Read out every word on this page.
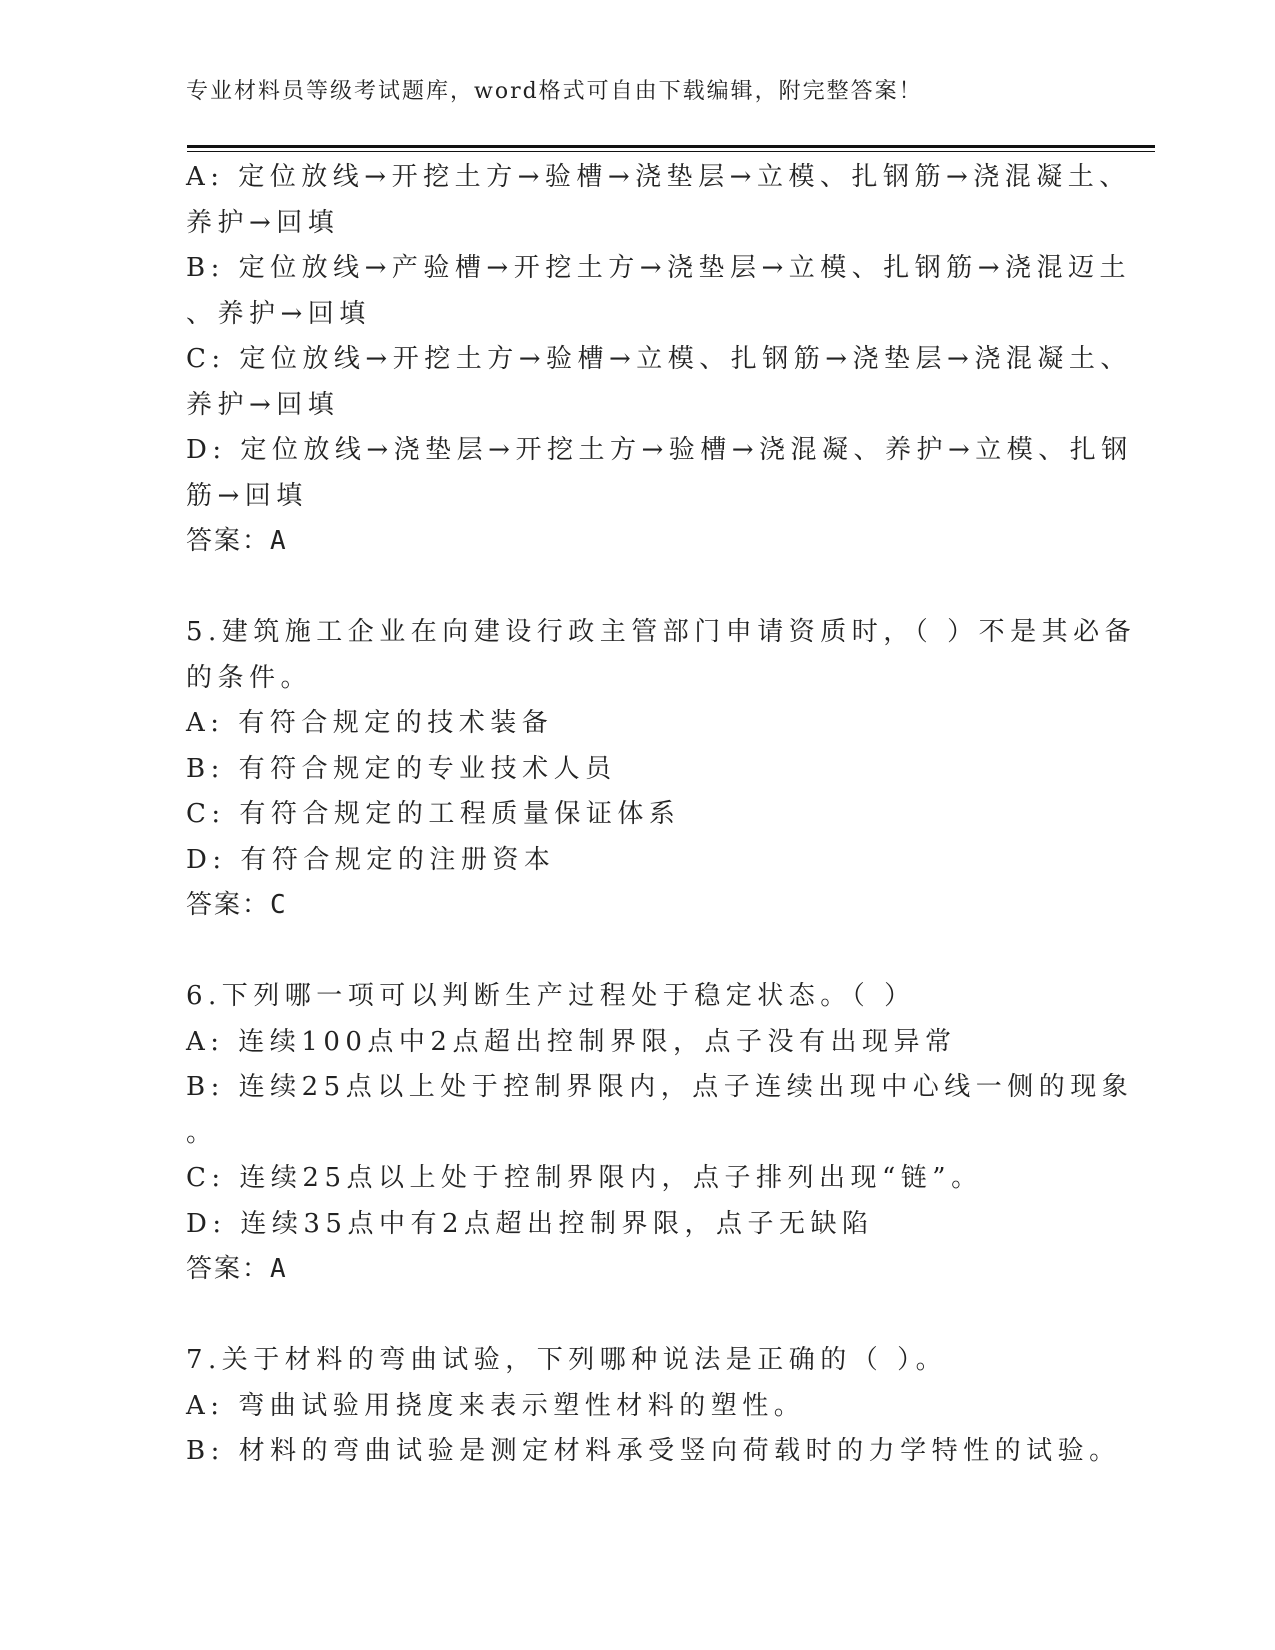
专业材料员等级考试题库，word格式可自由下载编辑，附完整答案！
A: 定位放线→开挖土方→验槽→浇垫层→立模、扎钢筋→浇混凝土、
养护→回填
B: 定位放线→产验槽→开挖土方→浇垫层→立模、扎钢筋→浇混迈土
、养护→回填
C: 定位放线→开挖土方→验槽→立模、扎钢筋→浇垫层→浇混凝土、
养护→回填
D: 定位放线→浇垫层→开挖土方→验槽→浇混凝、养护→立模、扎钢
筋→回填
答案：A
5.建筑施工企业在向建设行政主管部门申请资质时，（ ）不是其必备
的条件。
A: 有符合规定的技术装备
B: 有符合规定的专业技术人员
C: 有符合规定的工程质量保证体系
D: 有符合规定的注册资本
答案：C
6.下列哪一项可以判断生产过程处于稳定状态。（ ）
A: 连续100点中2点超出控制界限，点子没有出现异常
B: 连续25点以上处于控制界限内，点子连续出现中心线一侧的现象
。
C: 连续25点以上处于控制界限内，点子排列出现“链”。
D: 连续35点中有2点超出控制界限，点子无缺陷
答案：A
7.关于材料的弯曲试验，下列哪种说法是正确的（ ）。
A: 弯曲试验用挠度来表示塑性材料的塑性。
B: 材料的弯曲试验是测定材料承受竖向荷载时的力学特性的试验。
